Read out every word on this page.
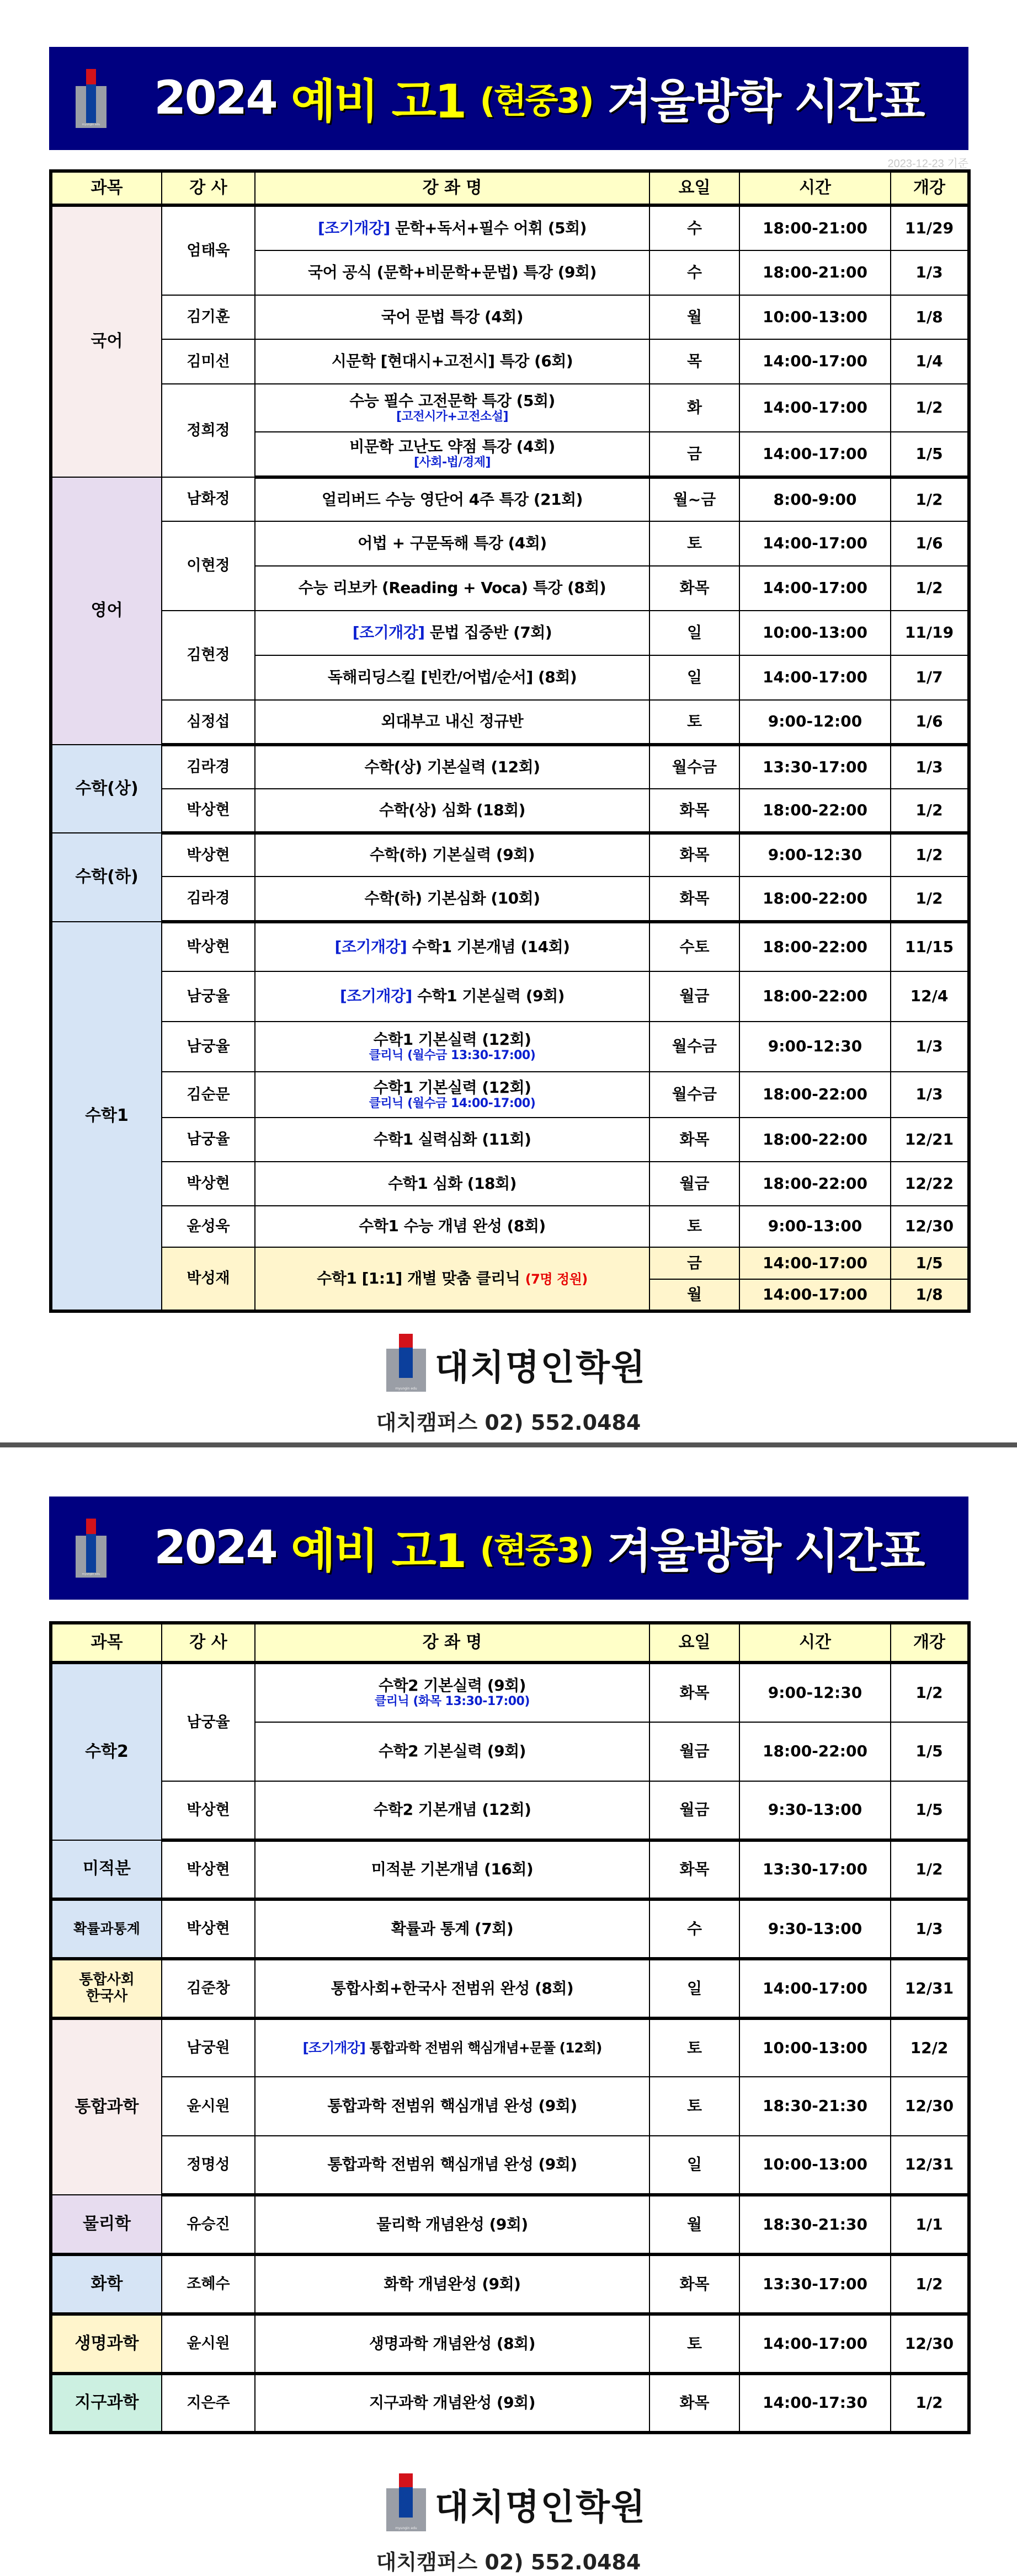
myungin edu 2024
예비 고1
(현중3)
겨울방학 시간표
2023-12-23 기준
과목	강 사	강 좌 명	요일	시간	개강
국어	엄태욱	[조기개강] 문학+독서+필수 어휘 (5회)	수	18:00-21:00	11/29
		국어 공식 (문학+비문학+문법) 특강 (9회)	수	18:00-21:00	1/3
	김기훈	국어 문법 특강 (4회)	월	10:00-13:00	1/8
	김미선	시문학 [현대시+고전시] 특강 (6회)	목	14:00-17:00	1/4
	정희정	수능 필수 고전문학 특강 (5회)
[고전시가+고전소설]	화	14:00-17:00	1/2
		비문학 고난도 약점 특강 (4회)
[사회-법/경제]	금	14:00-17:00	1/5
영어	남화정	얼리버드 수능 영단어 4주 특강 (21회)	월~금	8:00-9:00	1/2
	이현정	어법 + 구문독해 특강 (4회)	토	14:00-17:00	1/6
		수능 리보카 (Reading + Voca) 특강 (8회)	화목	14:00-17:00	1/2
	김현정	[조기개강] 문법 집중반 (7회)	일	10:00-13:00	11/19
		독해리딩스킬 [빈칸/어법/순서] (8회)	일	14:00-17:00	1/7
	심정섭	외대부고 내신 정규반	토	9:00-12:00	1/6
수학(상)	김라경	수학(상) 기본실력 (12회)	월수금	13:30-17:00	1/3
	박상현	수학(상) 심화 (18회)	화목	18:00-22:00	1/2
수학(하)	박상현	수학(하) 기본실력 (9회)	화목	9:00-12:30	1/2
	김라경	수학(하) 기본심화 (10회)	화목	18:00-22:00	1/2
수학1	박상현	[조기개강] 수학1 기본개념 (14회)	수토	18:00-22:00	11/15
	남궁율	[조기개강] 수학1 기본실력 (9회)	월금	18:00-22:00	12/4
	남궁율	수학1 기본실력 (12회)
클리닉 (월수금 13:30-17:00)	월수금	9:00-12:30	1/3
	김순문	수학1 기본실력 (12회)
클리닉 (월수금 14:00-17:00)	월수금	18:00-22:00	1/3
	남궁율	수학1 실력심화 (11회)	화목	18:00-22:00	12/21
	박상현	수학1 심화 (18회)	월금	18:00-22:00	12/22
	윤성욱	수학1 수능 개념 완성 (8회)	토	9:00-13:00	12/30
	박성재	수학1 [1:1] 개별 맞춤 클리닉 (7명 정원)	금	14:00-17:00	1/5
			월	14:00-17:00	1/8
myungin edu
대치명인학원
대치캠퍼스 02) 552.0484
myungin edu 2024
예비 고1
(현중3)
겨울방학 시간표
과목	강 사	강 좌 명	요일	시간	개강
수학2	남궁율	수학2 기본실력 (9회)
클리닉 (화목 13:30-17:00)	화목	9:00-12:30	1/2
		수학2 기본실력 (9회)	월금	18:00-22:00	1/5
	박상현	수학2 기본개념 (12회)	월금	9:30-13:00	1/5
미적분	박상현	미적분 기본개념 (16회)	화목	13:30-17:00	1/2
확률과통계	박상현	확률과 통계 (7회)	수	9:30-13:00	1/3
통합사회
한국사	김준창	통합사회+한국사 전범위 완성 (8회)	일	14:00-17:00	12/31
통합과학	남궁원	[조기개강] 통합과학 전범위 핵심개념+문풀 (12회)	토	10:00-13:00	12/2
	윤시원	통합과학 전범위 핵심개념 완성 (9회)	토	18:30-21:30	12/30
	정명성	통합과학 전범위 핵심개념 완성 (9회)	일	10:00-13:00	12/31
물리학	유승진	물리학 개념완성 (9회)	월	18:30-21:30	1/1
화학	조혜수	화학 개념완성 (9회)	화목	13:30-17:00	1/2
생명과학	윤시원	생명과학 개념완성 (8회)	토	14:00-17:00	12/30
지구과학	지은주	지구과학 개념완성 (9회)	화목	14:00-17:30	1/2
myungin edu
대치명인학원
대치캠퍼스 02) 552.0484
